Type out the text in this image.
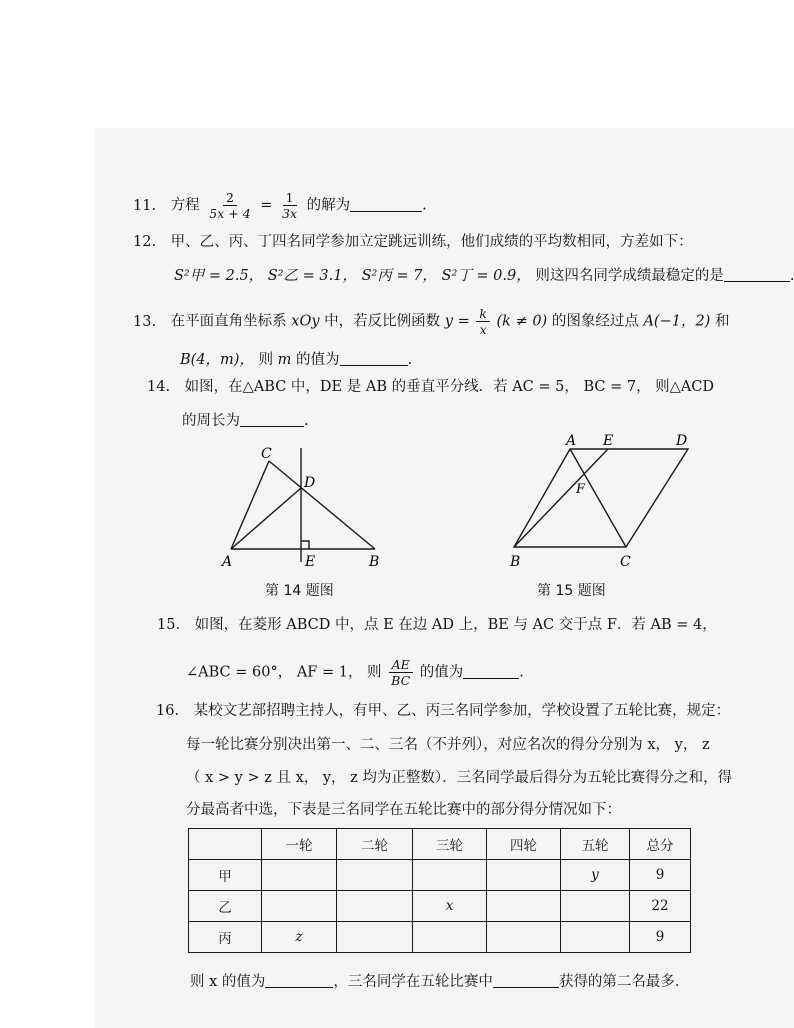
11. 方程 $\frac{2}{5x + 4} = \frac{1}{3x}$ 的解为	.
12. 甲、乙、丙、丁四名同学参加立定跳远训练，他们成绩的平均数相同，方差如下：
S²甲 = 2.5， S²乙 = 3.1， S²丙 = 7， S²丁 = 0.9， 则这四名同学成绩最稳定的是	.
13. 在平面直角坐标系 xOy 中，若反比例函数 $y = \frac{k}{x} (k \ne 0)$ 的图象经过点 A(−1，2) 和
B(4，m)， 则 m 的值为	.
14. 如图，在△ABC 中，DE 是 AB 的垂直平分线．若 AC = 5， BC = 7， 则△ACD
的周长为	.
C
D
A	E	B
第 14 题图
A E	D
F
B	C
第 15 题图
15. 如图，在菱形 ABCD 中，点 E 在边 AD 上，BE 与 AC 交于点 F．若 AB = 4，
∠ABC = 60°， AF = 1， 则 $\frac{AE}{BC}$ 的值为	.
16. 某校文艺部招聘主持人，有甲、乙、丙三名同学参加，学校设置了五轮比赛，规定：
每一轮比赛分别决出第一、二、三名（不并列），对应名次的得分分别为 x， y， z
（ x > y > z 且 x， y， z 均为正整数）．三名同学最后得分为五轮比赛得分之和，得
分最高者中选，下表是三名同学在五轮比赛中的部分得分情况如下：
	一轮	二轮	三轮	四轮	五轮	总分
甲					y	9
乙			x			22
丙	z					9
则 x 的值为	，三名同学在五轮比赛中	获得的第二名最多．
